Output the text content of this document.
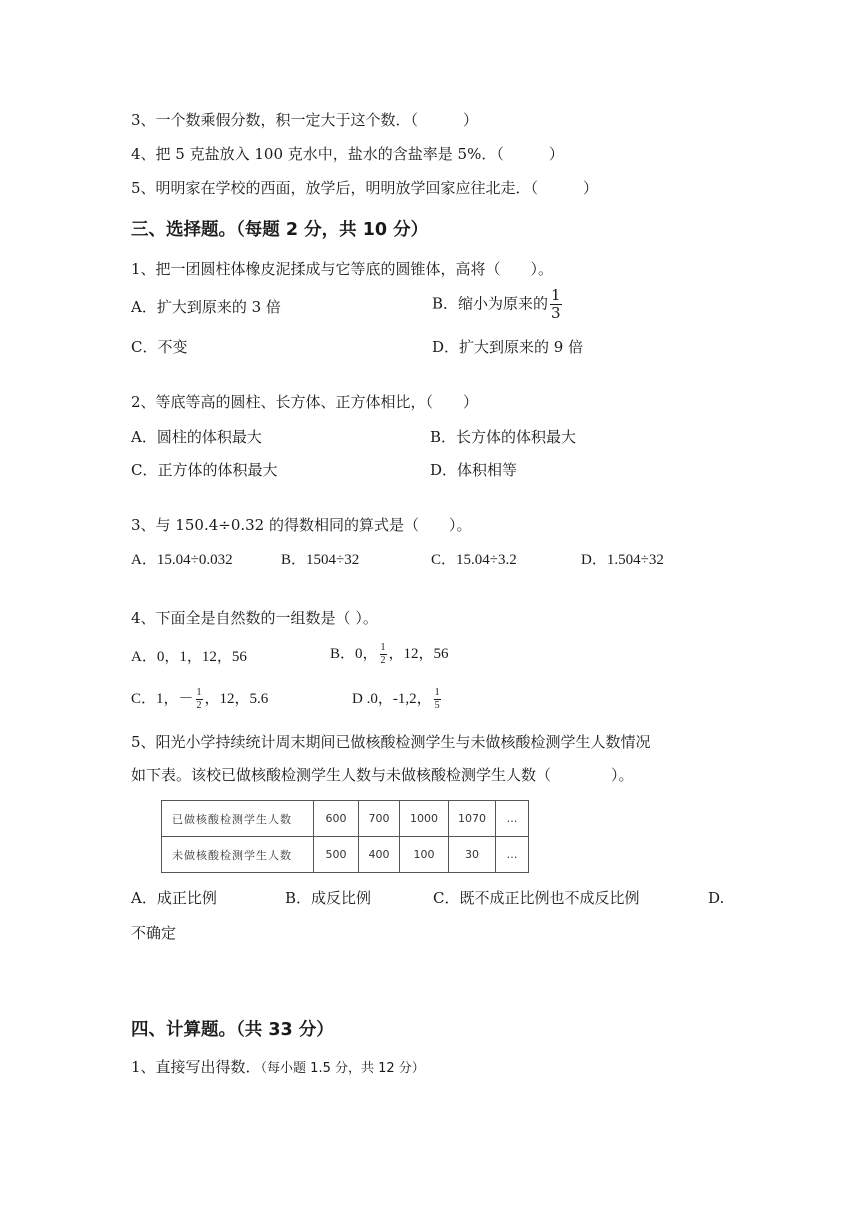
3、一个数乘假分数，积一定大于这个数．（　　　）
4、把 5 克盐放入 100 克水中，盐水的含盐率是 5%．（　　　）
5、明明家在学校的西面，放学后，明明放学回家应往北走．（　　　）
三、选择题。（每题 2 分，共 10 分）
1、把一团圆柱体橡皮泥揉成与它等底的圆锥体，高将（　　）。
A．扩大到原来的 3 倍	B．缩小为原来的 $\frac{1}{3}$
C．不变	D．扩大到原来的 9 倍
2、等底等高的圆柱、长方体、正方体相比，（　　）
A．圆柱的体积最大	B．长方体的体积最大
C．正方体的体积最大	D．体积相等
3、与 150.4÷0.32 的得数相同的算式是（　　）。
A．15.04÷0.032	B．1504÷32	C．15.04÷3.2	D．1.504÷32
4、下面全是自然数的一组数是（ ）。
A．0，1，12，56	B．0， $\frac{1}{2}$ ，12，56
C．1，－ $\frac{1}{2}$ ，12，5.6	D .0，-1,2， $\frac{1}{5}$
5、阳光小学持续统计周末期间已做核酸检测学生与未做核酸检测学生人数情况
如下表。该校已做核酸检测学生人数与未做核酸检测学生人数（　　　　）。
已做核酸检测学生人数	600	700	1000	1070	…
未做核酸检测学生人数	500	400	100	30	…
A．成正比例	B．成反比例	C．既不成正比例也不成反比例	D.
不确定
四、计算题。（共 33 分）
1、直接写出得数．（每小题 1.5 分，共 12 分）
